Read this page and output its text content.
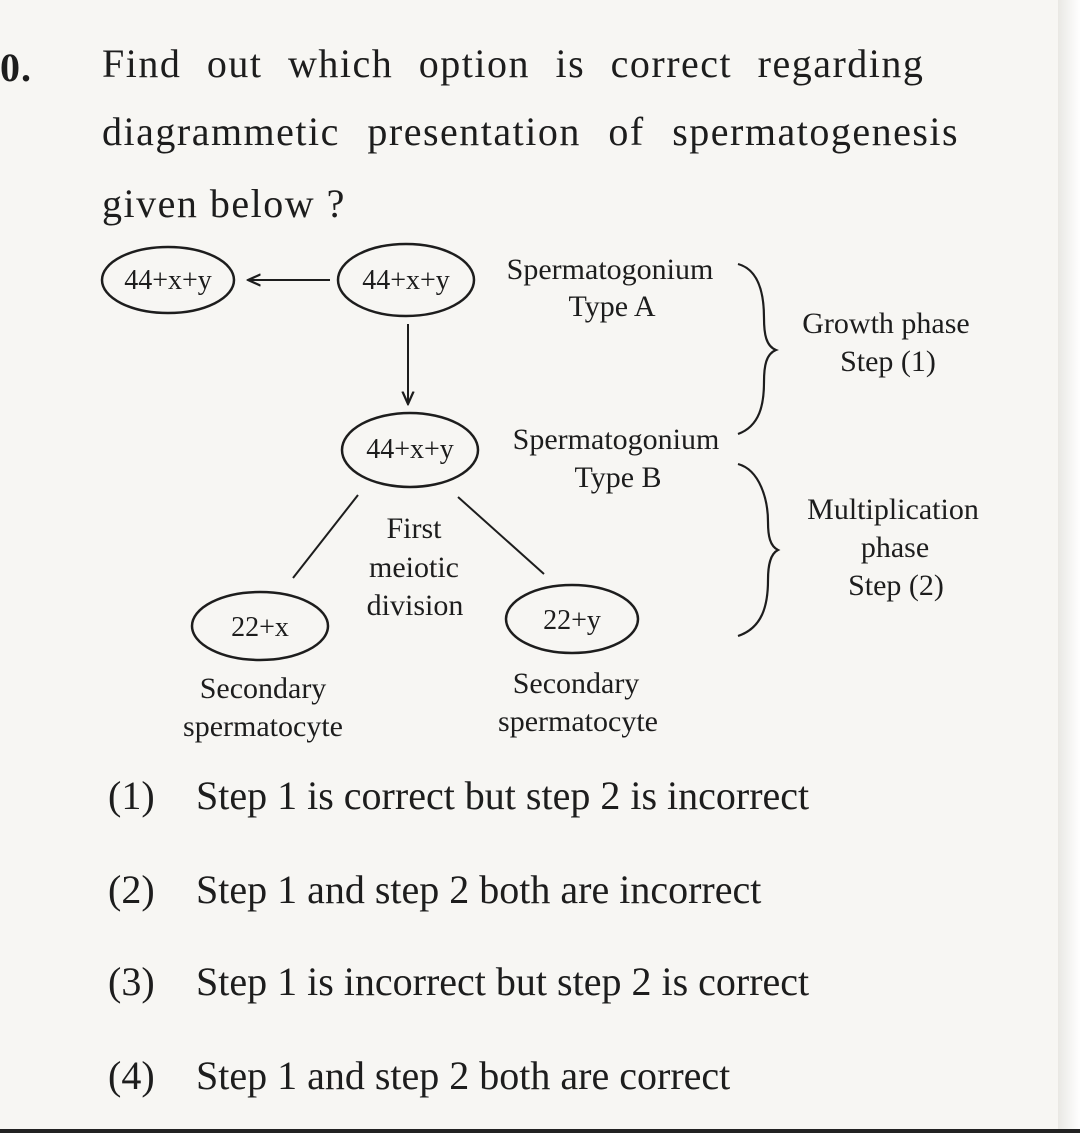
0. Find out which option is correct regarding
diagrammetic presentation of spermatogenesis
given below ?
44+x+y	44+x+y Spermatogonium
Type A
44+x+y Spermatogonium
Type B
First
meiotic
division
22+x	22+y
Secondary
spermatocyte
Secondary
spermatocyte
Growth phase
Step (1)
Multiplication
phase
Step (2)
(1) Step 1 is correct but step 2 is incorrect
(2) Step 1 and step 2 both are incorrect
(3) Step 1 is incorrect but step 2 is correct
(4) Step 1 and step 2 both are correct
